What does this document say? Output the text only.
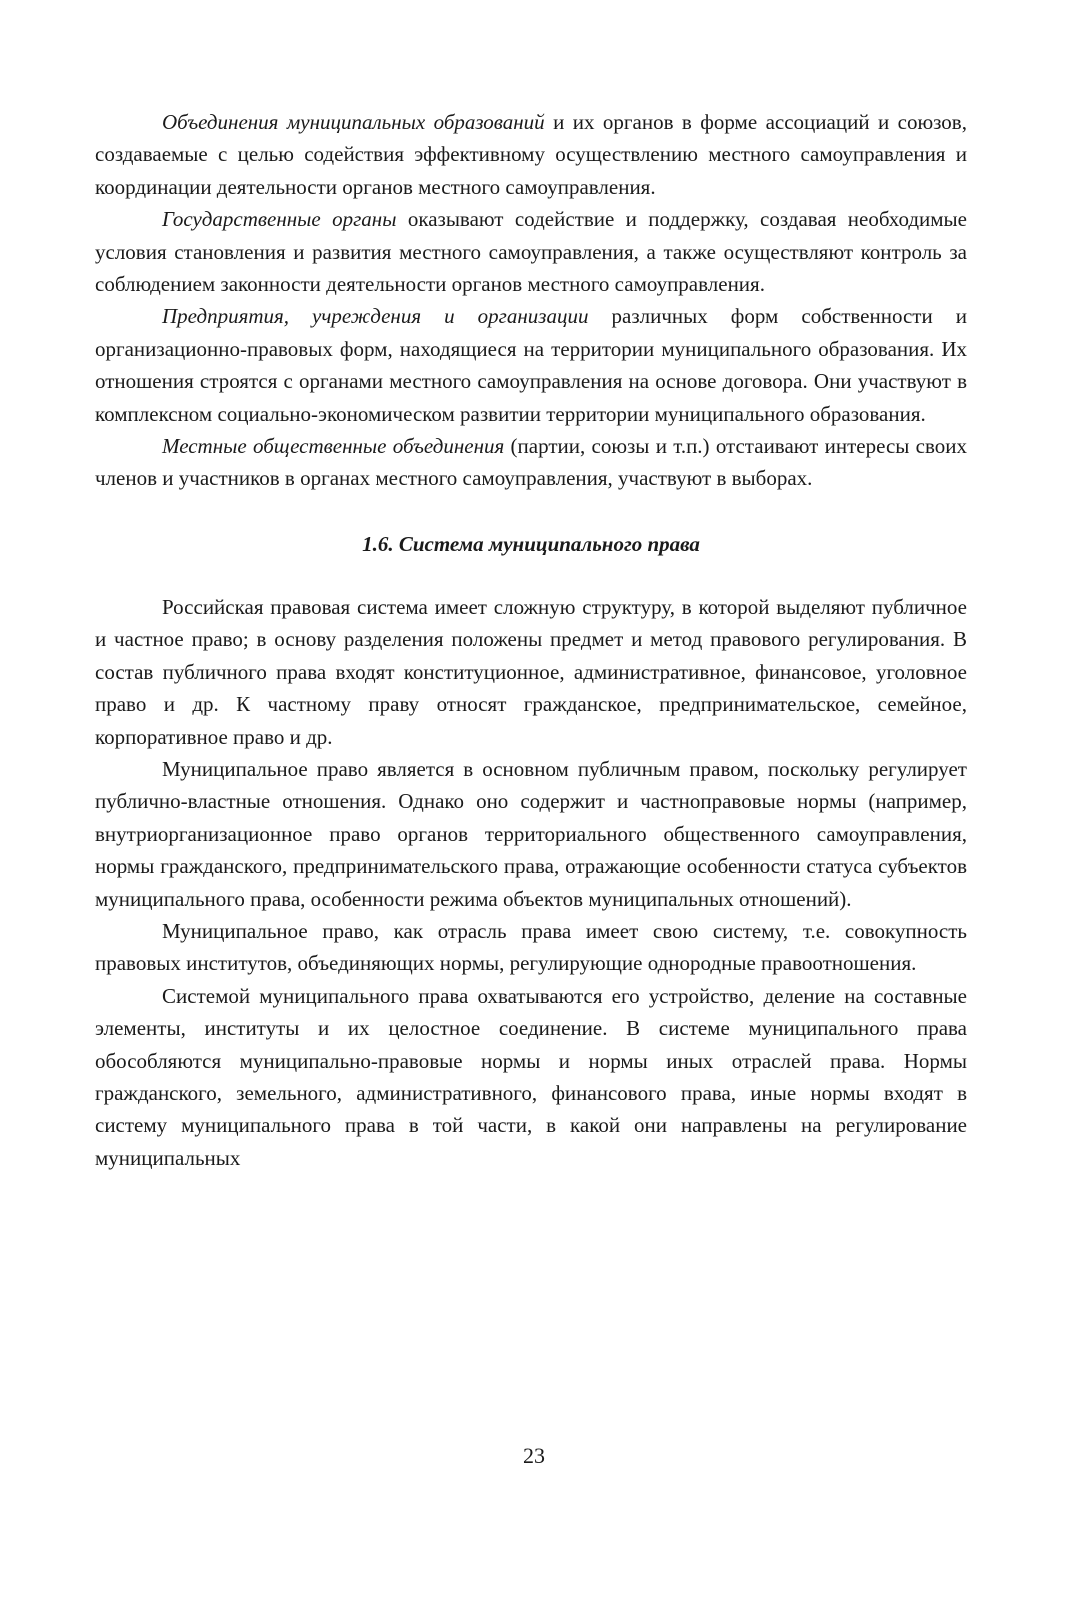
Объединения муниципальных образований и их органов в форме ассоциаций и союзов, создаваемые с целью содействия эффективному осуществлению местного самоуправления и координации деятельности органов местного самоуправления.

Государственные органы оказывают содействие и поддержку, создавая необходимые условия становления и развития местного самоуправления, а также осуществляют контроль за соблюдением законности деятельности органов местного самоуправления.

Предприятия, учреждения и организации различных форм собственности и организационно-правовых форм, находящиеся на территории муниципального образования. Их отношения строятся с органами местного самоуправления на основе договора. Они участвуют в комплексном социально-экономическом развитии территории муниципального образования.

Местные общественные объединения (партии, союзы и т.п.) отстаивают интересы своих членов и участников в органах местного самоуправления, участвуют в выборах.

1.6. Система муниципального права

Российская правовая система имеет сложную структуру, в которой выделяют публичное и частное право; в основу разделения положены предмет и метод правового регулирования. В состав публичного права входят конституционное, административное, финансовое, уголовное право и др. К частному праву относят гражданское, предпринимательское, семейное, корпоративное право и др.

Муниципальное право является в основном публичным правом, поскольку регулирует публично-властные отношения. Однако оно содержит и частноправовые нормы (например, внутриорганизационное право органов территориального общественного самоуправления, нормы гражданского, предпринимательского права, отражающие особенности статуса субъектов муниципального права, особенности режима объектов муниципальных отношений).

Муниципальное право, как отрасль права имеет свою систему, т.е. совокупность правовых институтов, объединяющих нормы, регулирующие однородные правоотношения.

Системой муниципального права охватываются его устройство, деление на составные элементы, институты и их целостное соединение. В системе муниципального права обособляются муниципально-правовые нормы и нормы иных отраслей права. Нормы гражданского, земельного, административного, финансового права, иные нормы входят в систему муниципального права в той части, в какой они направлены на регулирование муниципальных

23
